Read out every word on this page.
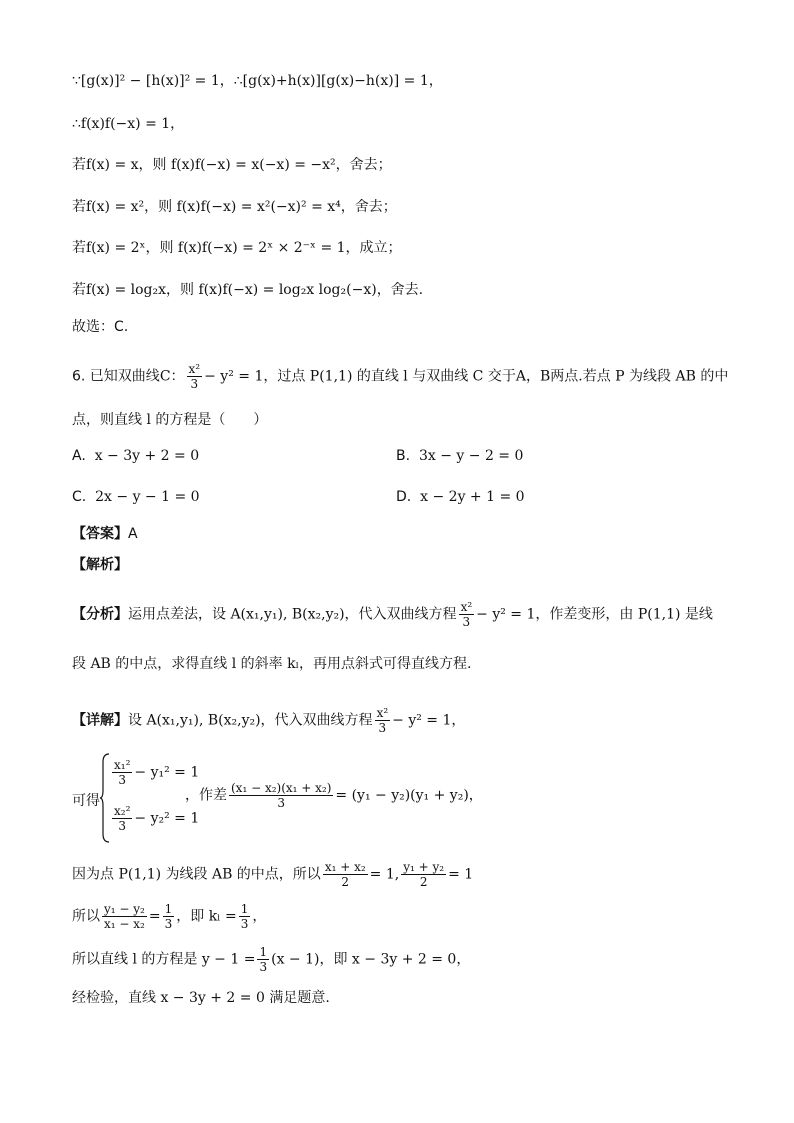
∵[g(x)]² − [h(x)]² = 1，∴[g(x)+h(x)][g(x)−h(x)] = 1，
∴f(x)f(−x) = 1，
若f(x) = x，则 f(x)f(−x) = x(−x) = −x²，舍去；
若f(x) = x²，则 f(x)f(−x) = x²(−x)² = x⁴，舍去；
若f(x) = 2ˣ，则 f(x)f(−x) = 2ˣ × 2⁻ˣ = 1，成立；
若f(x) = log₂x，则 f(x)f(−x) = log₂x log₂(−x)，舍去.
故选：C.
6. 已知双曲线C： $\frac{\text{x²}}{3} - y^2 = 1$，过点 P(1,1) 的直线 l 与双曲线 C 交于A，B两点.若点 P 为线段 AB 的中
点，则直线 l 的方程是（　　）
A. x − 3y + 2 = 0	B. 3x − y − 2 = 0
C. 2x − y − 1 = 0	D. x − 2y + 1 = 0
【答案】A
【解析】
【分析】运用点差法，设 A(x₁,y₁), B(x₂,y₂)，代入双曲线方程 $\frac{\text{x²}}{3} - y^2 = 1$，作差变形，由 P(1,1) 是线
段 AB 的中点，求得直线 l 的斜率 kₗ，再用点斜式可得直线方程.
【详解】设 A(x₁,y₁), B(x₂,y₂)，代入双曲线方程 $\frac{\text{x²}}{3} - y^2 = 1$，
可得
$\frac{\text{x₁²}}{3} - y_1^2 = 1$
$\frac{\text{x₂²}}{3} - y_2^2 = 1$
，作差 $\frac{\text{(x₁ − x₂)(x₁ + x₂)}}{3} = (y_1 - y_2)(y_1 + y_2)$，
因为点 P(1,1) 为线段 AB 的中点，所以 $\frac{\text{x₁ + x₂}}{2} = 1$, $\frac{\text{y₁ + y₂}}{2} = 1$
所以 $\frac{\text{y₁ − y₂}}{\text{x₁ − x₂}} = \frac{1}{3}$ ，即 $k_l = \frac{1}{3}$ ，
所以直线 l 的方程是 $y - 1 = \frac{1}{3} (x - 1)$，即 x − 3y + 2 = 0，
经检验，直线 x − 3y + 2 = 0 满足题意.
